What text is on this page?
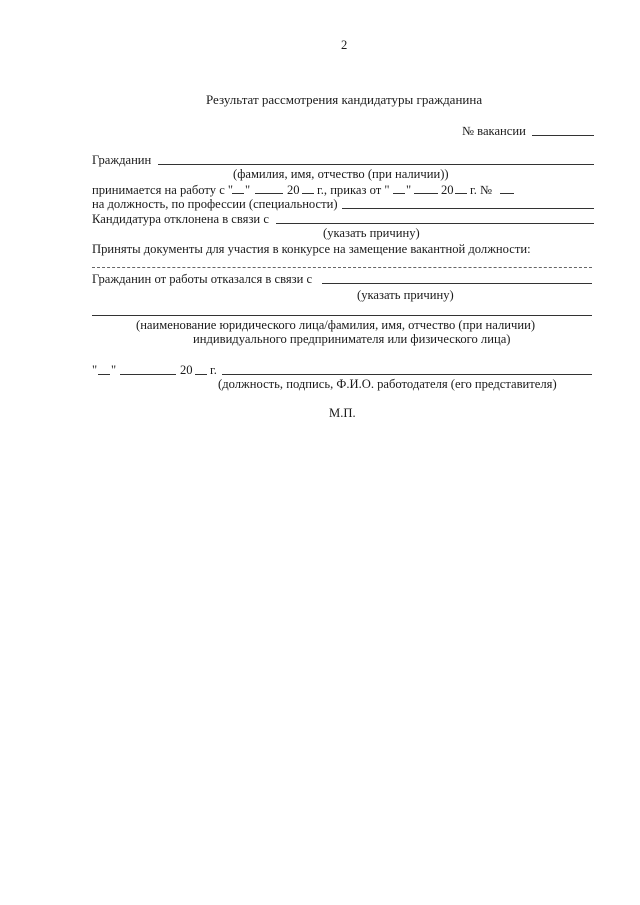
2
Результат рассмотрения кандидатуры гражданина
№ вакансии
Гражданин
(фамилия, имя, отчество (при наличии))
принимается на работу с " "	20 г., приказ от " " 20 г. №
на должность, по профессии (специальности)
Кандидатура отклонена в связи с
(указать причину)
Приняты документы для участия в конкурсе на замещение вакантной должности:
Гражданин от работы отказался в связи с
(указать причину)
(наименование юридического лица/фамилия, имя, отчество (при наличии)
индивидуального предпринимателя или физического лица)
" "	20 г.
(должность, подпись, Ф.И.О. работодателя (его представителя)
М.П.
